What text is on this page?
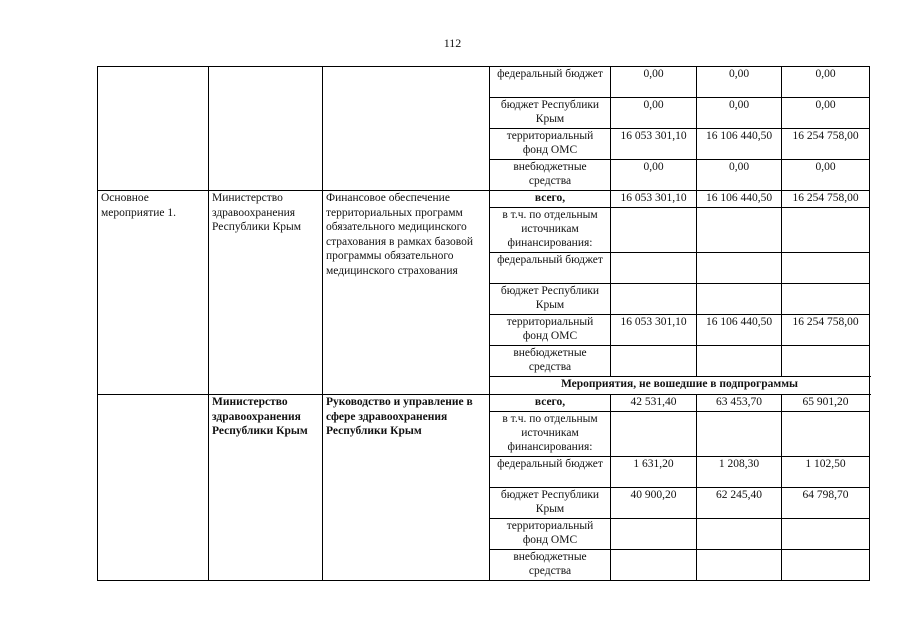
112
			федеральный бюджет	0,00	0,00	0,00
			бюджет Республики Крым	0,00	0,00	0,00
			территориальный фонд ОМС	16 053 301,10	16 106 440,50	16 254 758,00
			внебюджетные средства	0,00	0,00	0,00
Основное мероприятие 1.	Министерство здравоохранения Республики Крым	Финансовое обеспечение территориальных программ обязательного медицинского страхования в рамках базовой программы обязательного медицинского страхования	всего,	16 053 301,10	16 106 440,50	16 254 758,00
			в т.ч. по отдельным источникам финансирования:			
			федеральный бюджет			
			бюджет Республики Крым			
			территориальный фонд ОМС	16 053 301,10	16 106 440,50	16 254 758,00
			внебюджетные средства			
			Мероприятия, не вошедшие в подпрограммы			
	Министерство здравоохранения Республики Крым	Руководство и управление в сфере здравоохранения Республики Крым	всего,	42 531,40	63 453,70	65 901,20
			в т.ч. по отдельным источникам финансирования:			
			федеральный бюджет	1 631,20	1 208,30	1 102,50
			бюджет Республики Крым	40 900,20	62 245,40	64 798,70
			территориальный фонд ОМС			
			внебюджетные средства			
